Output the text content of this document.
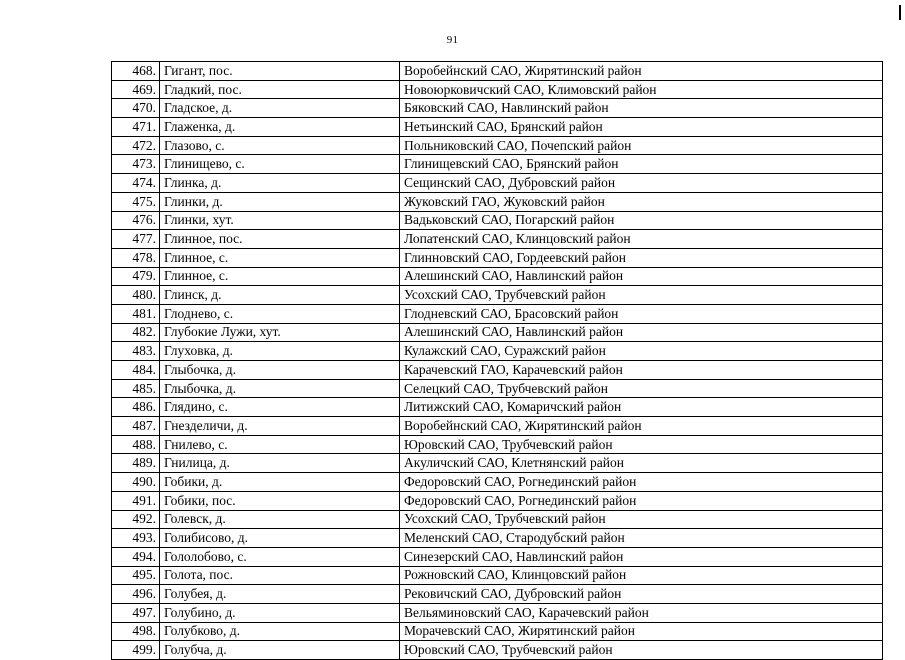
91
468.	Гигант, пос.	Воробейнский САО, Жирятинский район
469.	Гладкий, пос.	Новоюрковичский САО, Климовский район
470.	Гладское, д.	Бяковский САО, Навлинский район
471.	Глаженка, д.	Нетьинский САО, Брянский район
472.	Глазово, с.	Польниковский САО, Почепский район
473.	Глинищево, с.	Глинищевский САО, Брянский район
474.	Глинка, д.	Сещинский САО, Дубровский район
475.	Глинки, д.	Жуковский ГАО, Жуковский район
476.	Глинки, хут.	Вадьковский САО, Погарский район
477.	Глинное, пос.	Лопатенский САО, Клинцовский район
478.	Глинное, с.	Глинновский САО, Гордеевский район
479.	Глинное, с.	Алешинский САО, Навлинский район
480.	Глинск, д.	Усохский САО, Трубчевский район
481.	Глоднево, с.	Глодневский САО, Брасовский район
482.	Глубокие Лужи, хут.	Алешинский САО, Навлинский район
483.	Глуховка, д.	Кулажский САО, Суражский район
484.	Глыбочка, д.	Карачевский ГАО, Карачевский район
485.	Глыбочка, д.	Селецкий САО, Трубчевский район
486.	Глядино, с.	Литижский САО, Комаричский район
487.	Гнезделичи, д.	Воробейнский САО, Жирятинский район
488.	Гнилево, с.	Юровский САО, Трубчевский район
489.	Гнилица, д.	Акуличский САО, Клетнянский район
490.	Гобики, д.	Федоровский САО, Рогнединский район
491.	Гобики, пос.	Федоровский САО, Рогнединский район
492.	Голевск, д.	Усохский САО, Трубчевский район
493.	Голибисово, д.	Меленский САО, Стародубский район
494.	Гололобово, с.	Синезерский САО, Навлинский район
495.	Голота, пос.	Рожновский САО, Клинцовский район
496.	Голубея, д.	Рековичский САО, Дубровский район
497.	Голубино, д.	Вельяминовский САО, Карачевский район
498.	Голубково, д.	Морачевский САО, Жирятинский район
499.	Голубча, д.	Юровский САО, Трубчевский район
